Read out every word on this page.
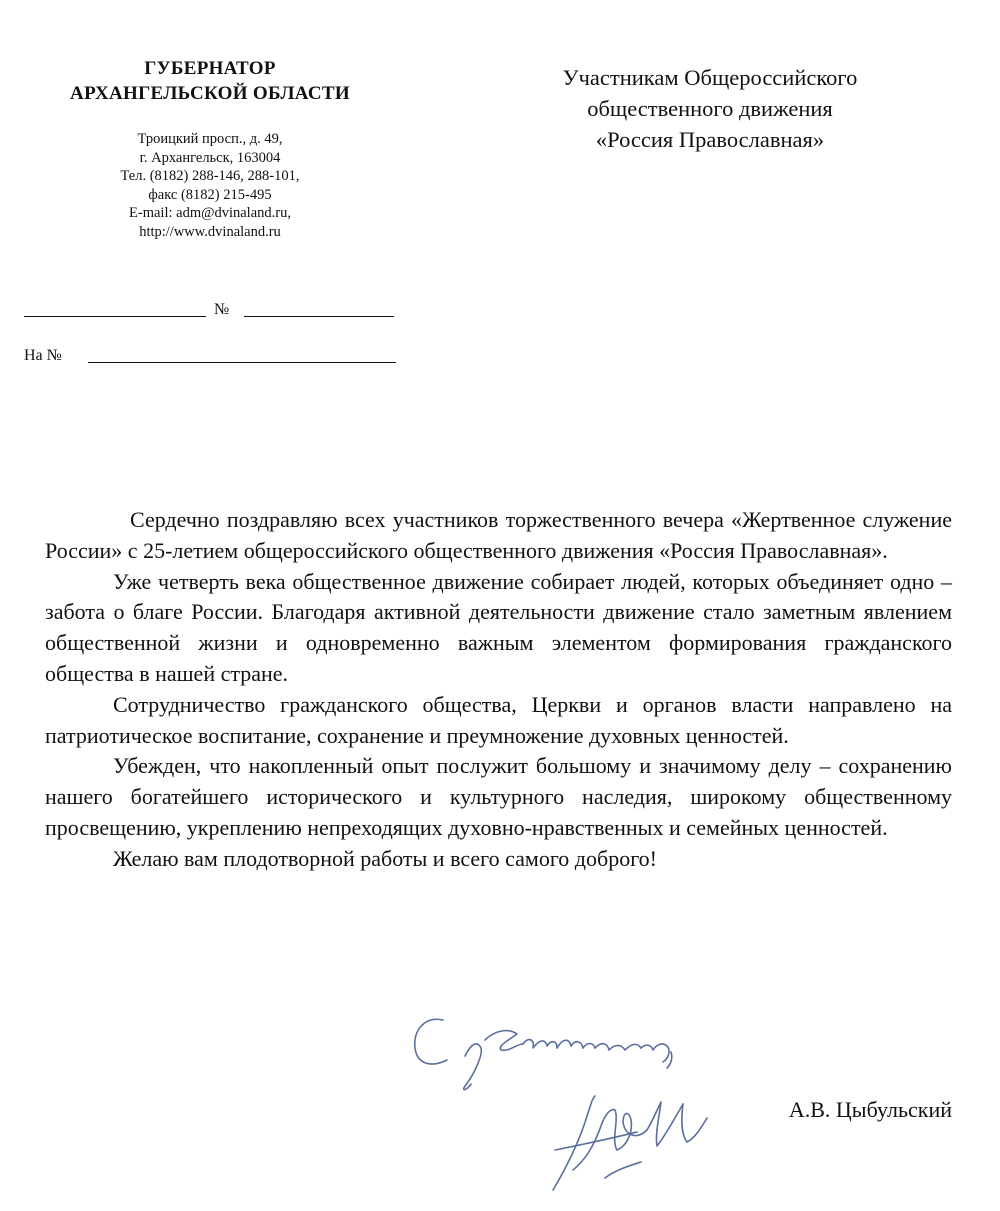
ГУБЕРНАТОР
АРХАНГЕЛЬСКОЙ ОБЛАСТИ
Троицкий просп., д. 49,
г. Архангельск, 163004
Тел. (8182) 288-146, 288-101,
факс (8182) 215-495
E-mail: adm@dvinaland.ru,
http://www.dvinaland.ru
№
На №
Участникам Общероссийского
общественного движения
«Россия Православная»

Сердечно поздравляю всех участников торжественного вечера «Жертвенное служение России» с 25-летием общероссийского общественного движения «Россия Православная».

Уже четверть века общественное движение собирает людей, которых объединяет одно – забота о благе России. Благодаря активной деятельности движение стало заметным явлением общественной жизни и одновременно важным элементом формирования гражданского общества в нашей стране.

Сотрудничество гражданского общества, Церкви и органов власти направлено на патриотическое воспитание, сохранение и преумножение духовных ценностей.

Убежден, что накопленный опыт послужит большому и значимому делу – сохранению нашего богатейшего исторического и культурного наследия, широкому общественному просвещению, укреплению непреходящих духовно-нравственных и семейных ценностей.

Желаю вам плодотворной работы и всего самого доброго!

А.В. Цыбульский
